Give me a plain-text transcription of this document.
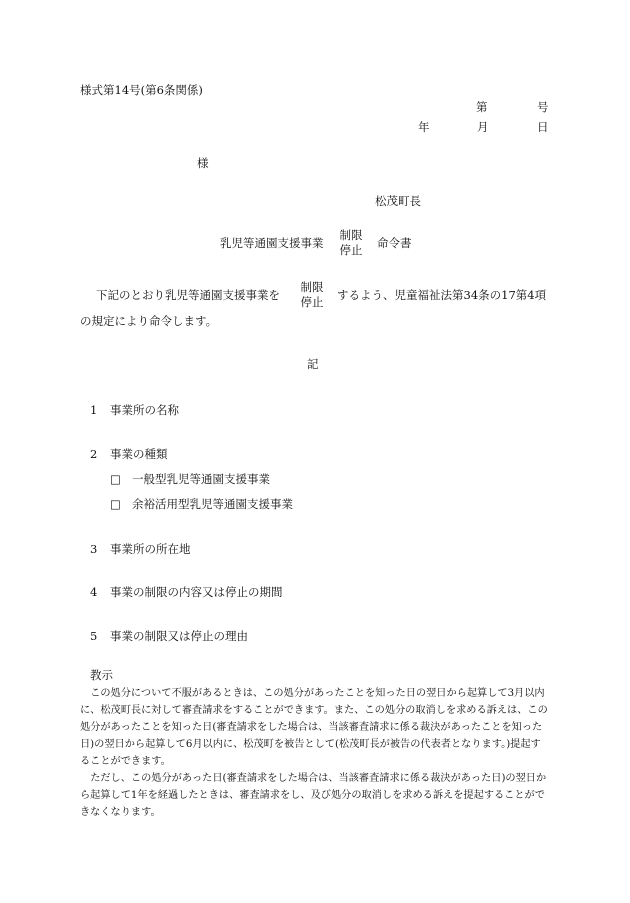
様式第14号(第6条関係)
第	号
年	月	日
様
松茂町長
乳児等通園支援事業
制限
停止	命令書
下記のとおり乳児等通園支援事業を
制限
停止	するよう、児童福祉法第34条の17第4項
の規定により命令します。
記
1 事業所の名称
2 事業の種類
□ 一般型乳児等通園支援事業
□ 余裕活用型乳児等通園支援事業
3 事業所の所在地
4 事業の制限の内容又は停止の期間
5 事業の制限又は停止の理由
教示

この処分について不服があるときは、この処分があったことを知った日の翌日から起算して3月以内に、松茂町長に対して審査請求をすることができます。また、この処分の取消しを求める訴えは、この処分があったことを知った日(審査請求をした場合は、当該審査請求に係る裁決があったことを知った日)の翌日から起算して6月以内に、松茂町を被告として(松茂町長が被告の代表者となります。)提起することができます。

ただし、この処分があった日(審査請求をした場合は、当該審査請求に係る裁決があった日)の翌日から起算して1年を経過したときは、審査請求をし、及び処分の取消しを求める訴えを提起することができなくなります。
